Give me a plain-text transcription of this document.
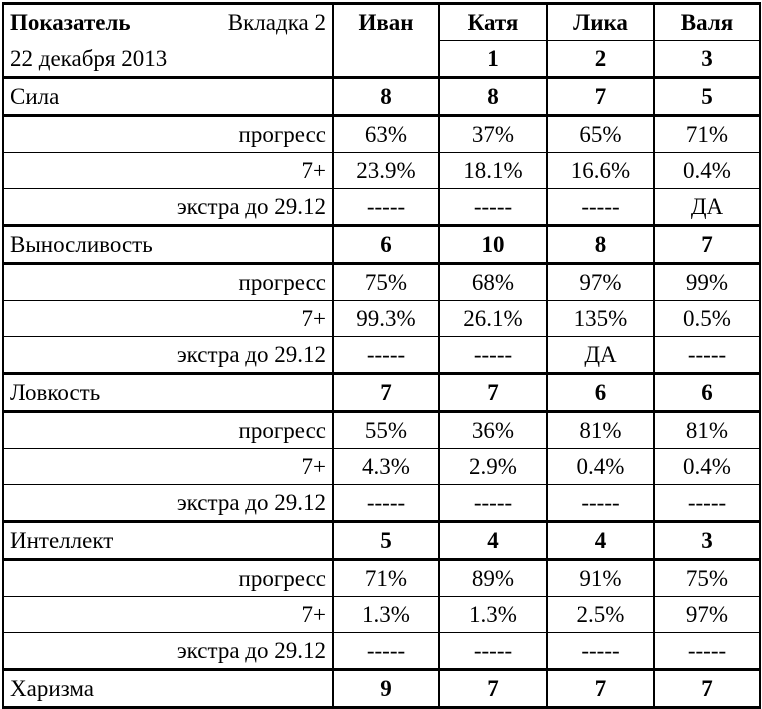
Показатель Вкладка 2	Иван	Катя	Лика	Валя
22 декабря 2013		1	2	3
Сила	8	8	7	5
прогресс	63%	37%	65%	71%
7+	23.9%	18.1%	16.6%	0.4%
экстра до 29.12	-----	-----	-----	ДА
Выносливость	6	10	8	7
прогресс	75%	68%	97%	99%
7+	99.3%	26.1%	135%	0.5%
экстра до 29.12	-----	-----	ДА	-----
Ловкость	7	7	6	6
прогресс	55%	36%	81%	81%
7+	4.3%	2.9%	0.4%	0.4%
экстра до 29.12	-----	-----	-----	-----
Интеллект	5	4	4	3
прогресс	71%	89%	91%	75%
7+	1.3%	1.3%	2.5%	97%
экстра до 29.12	-----	-----	-----	-----
Харизма	9	7	7	7
